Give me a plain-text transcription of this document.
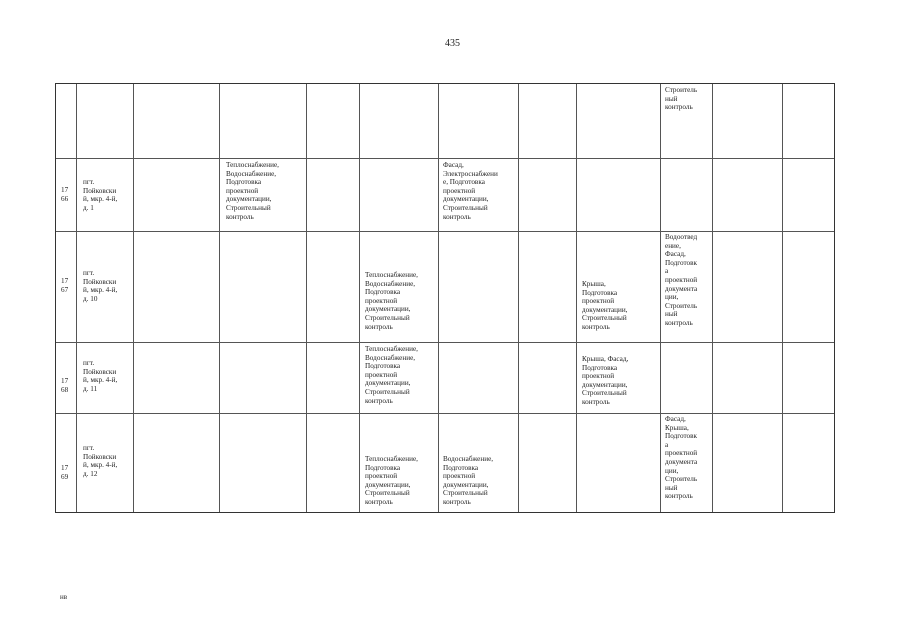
435
Строитель
ный
контроль
17
66
пгт.
Пойковски
й, мкр. 4-й,
д. 1
Теплоснабжение,
Водоснабжение,
Подготовка
проектной
документации,
Строительный
контроль
Фасад,
Электроснабжени
е, Подготовка
проектной
документации,
Строительный
контроль
17
67
пгт.
Пойковски
й, мкр. 4-й,
д. 10
Теплоснабжение,
Водоснабжение,
Подготовка
проектной
документации,
Строительный
контроль
Крыша,
Подготовка
проектной
документации,
Строительный
контроль
Водоотвед
ение,
Фасад,
Подготовк
а
проектной
документа
ции,
Строитель
ный
контроль
17
68
пгт.
Пойковски
й, мкр. 4-й,
д. 11
Теплоснабжение,
Водоснабжение,
Подготовка
проектной
документации,
Строительный
контроль
Крыша, Фасад,
Подготовка
проектной
документации,
Строительный
контроль
17
69
пгт.
Пойковски
й, мкр. 4-й,
д. 12
Теплоснабжение,
Подготовка
проектной
документации,
Строительный
контроль
Водоснабжение,
Подготовка
проектной
документации,
Строительный
контроль
Фасад,
Крыша,
Подготовк
а
проектной
документа
ции,
Строитель
ный
контроль
нв
